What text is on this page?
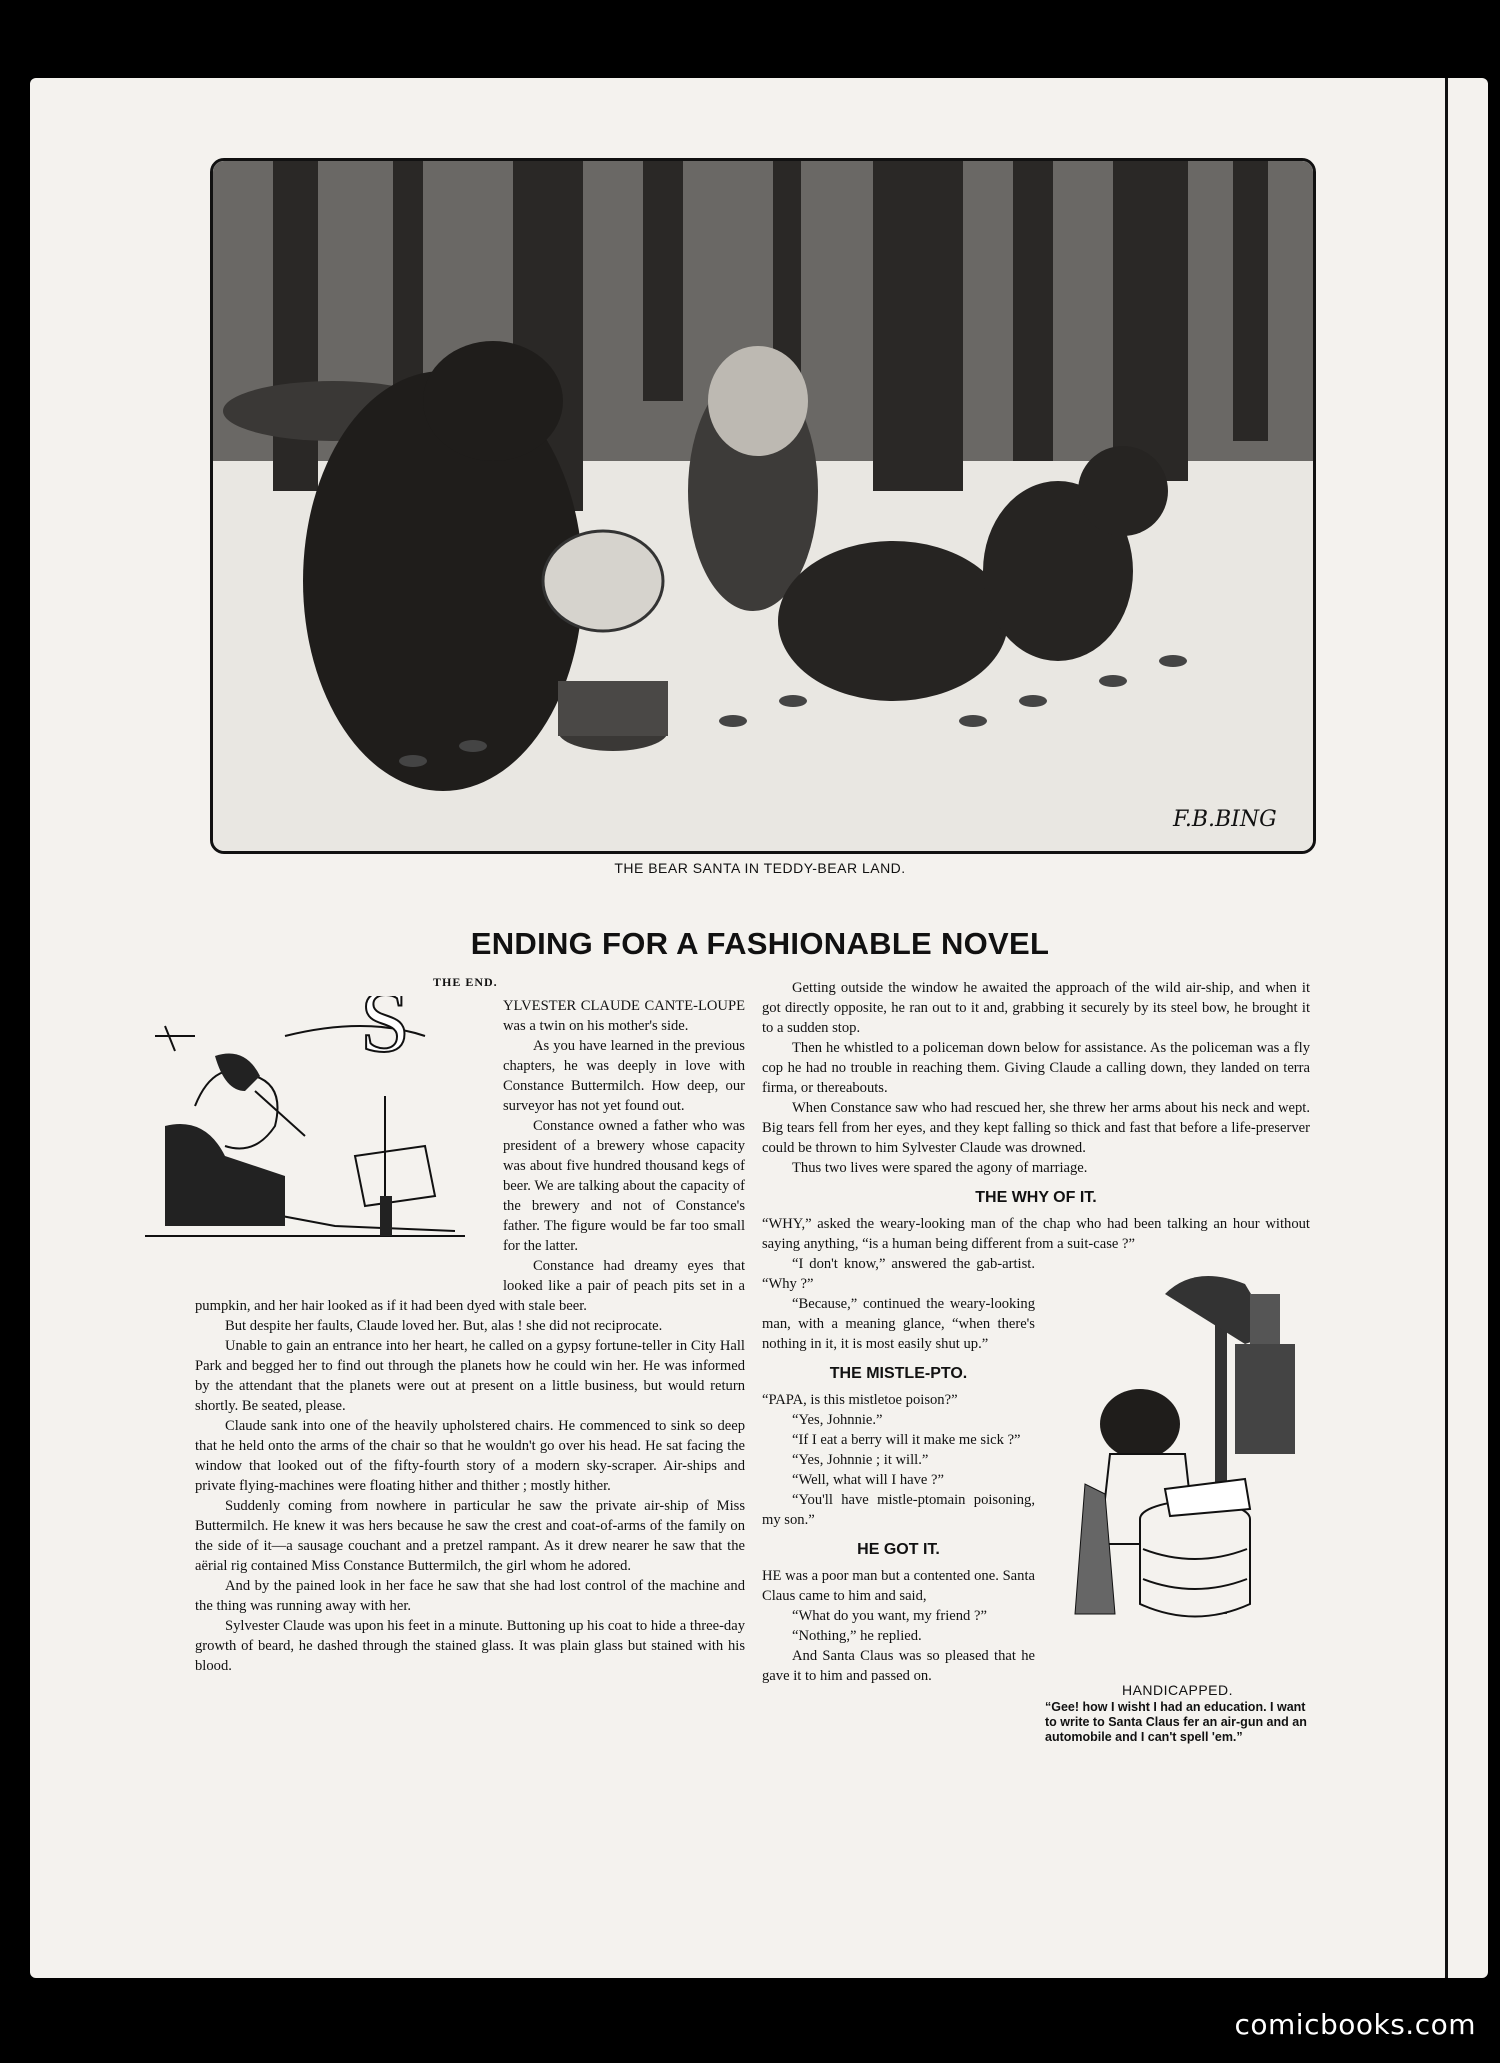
F.B.BING
THE BEAR SANTA IN TEDDY-BEAR LAND.
ENDING FOR A FASHIONABLE NOVEL
THE END.
S	YLVESTER CLAUDE CANTE-LOUPE was a twin on his mother's side.

As you have learned in the previous chapters, he was deeply in love with Constance Buttermilch. How deep, our surveyor has not yet found out.

Constance owned a father who was president of a brewery whose capacity was about five hundred thousand kegs of beer. We are talking about the capacity of the brewery and not of Constance's father. The figure would be far too small for the latter.

Constance had dreamy eyes that looked like a pair of peach pits set in a pumpkin, and her hair looked as if it had been dyed with stale beer.

But despite her faults, Claude loved her. But, alas ! she did not reciprocate.

Unable to gain an entrance into her heart, he called on a gypsy fortune-teller in City Hall Park and begged her to find out through the planets how he could win her. He was informed by the attendant that the planets were out at present on a little business, but would return shortly. Be seated, please.

Claude sank into one of the heavily upholstered chairs. He commenced to sink so deep that he held onto the arms of the chair so that he wouldn't go over his head. He sat facing the window that looked out of the fifty-fourth story of a modern sky-scraper. Air-ships and private flying-machines were floating hither and thither ; mostly hither.

Suddenly coming from nowhere in particular he saw the private air-ship of Miss Buttermilch. He knew it was hers because he saw the crest and coat-of-arms of the family on the side of it—a sausage couchant and a pretzel rampant. As it drew nearer he saw that the aërial rig contained Miss Constance Buttermilch, the girl whom he adored.

And by the pained look in her face he saw that she had lost control of the machine and the thing was running away with her.

Sylvester Claude was upon his feet in a minute. Buttoning up his coat to hide a three-day growth of beard, he dashed through the stained glass. It was plain glass but stained with his blood.

Getting outside the window he awaited the approach of the wild air-ship, and when it got directly opposite, he ran out to it and, grabbing it securely by its steel bow, he brought it to a sudden stop.

Then he whistled to a policeman down below for assistance. As the policeman was a fly cop he had no trouble in reaching them. Giving Claude a calling down, they landed on terra firma, or thereabouts.

When Constance saw who had rescued her, she threw her arms about his neck and wept. Big tears fell from her eyes, and they kept falling so thick and fast that before a life-preserver could be thrown to him Sylvester Claude was drowned.

Thus two lives were spared the agony of marriage.

THE WHY OF IT.

“WHY,” asked the weary-looking man of the chap who had been talking an hour without saying anything, “is a human being different from a suit-case ?”

HANDICAPPED.
“Gee! how I wisht I had an education. I want to write to Santa Claus fer an air-gun and an automobile and I can't spell 'em.”

“I don't know,” answered the gab-artist. “Why ?”

“Because,” continued the weary-looking man, with a meaning glance, “when there's nothing in it, it is most easily shut up.”

THE MISTLE-PTO.

“PAPA, is this mistletoe poison?”

“Yes, Johnnie.”

“If I eat a berry will it make me sick ?”

“Yes, Johnnie ; it will.”

“Well, what will I have ?”

“You'll have mistle-ptomain poisoning, my son.”

HE GOT IT.

HE was a poor man but a contented one. Santa Claus came to him and said,

“What do you want, my friend ?”

“Nothing,” he replied.

And Santa Claus was so pleased that he gave it to him and passed on.

comicbooks.com
